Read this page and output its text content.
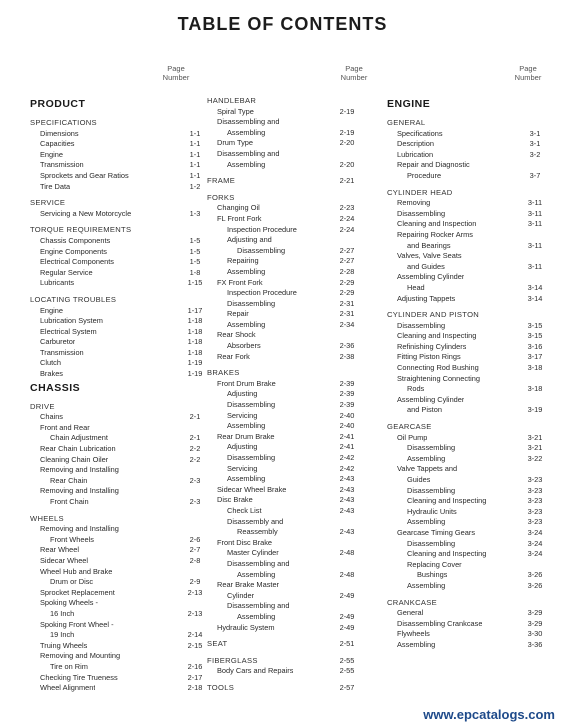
TABLE OF CONTENTS
Page
Number
Page
Number
Page
Number
PRODUCT
SPECIFICATIONS
Dimensions	1-1
Capacities	1-1
Engine	1-1
Transmission	1-1
Sprockets and Gear Ratios	1-1
Tire Data	1-2
SERVICE
Servicing a New Motorcycle	1-3
TORQUE REQUIREMENTS
Chassis Components	1-5
Engine Components	1-5
Electrical Components	1-5
Regular Service	1-8
Lubricants	1-15
LOCATING TROUBLES
Engine	1-17
Lubrication System	1-18
Electrical System	1-18
Carburetor	1-18
Transmission	1-18
Clutch	1-19
Brakes	1-19
CHASSIS
DRIVE
Chains	2-1
Front and Rear
Chain Adjustment	2-1
Rear Chain Lubrication	2-2
Cleaning Chain Oiler	2-2
Removing and Installing
Rear Chain	2-3
Removing and Installing
Front Chain	2-3
WHEELS
Removing and Installing
Front Wheels	2-6
Rear Wheel	2-7
Sidecar Wheel	2-8
Wheel Hub and Brake
Drum or Disc	2-9
Sprocket Replacement	2-13
Spoking Wheels -
16 Inch	2-13
Spoking Front Wheel -
19 Inch	2-14
Truing Wheels	2-15
Removing and Mounting
Tire on Rim	2-16
Checking Tire Trueness	2-17
Wheel Alignment	2-18
HANDLEBAR
Spiral Type	2-19
Disassembling and
Assembling	2-19
Drum Type	2-20
Disassembling and
Assembling	2-20
FRAME	2-21
FORKS
Changing Oil	2-23
FL Front Fork	2-24
Inspection Procedure	2-24
Adjusting and
Disassembling	2-27
Repairing	2-27
Assembling	2-28
FX Front Fork	2-29
Inspection Procedure	2-29
Disassembling	2-31
Repair	2-31
Assembling	2-34
Rear Shock
Absorbers	2-36
Rear Fork	2-38
BRAKES
Front Drum Brake	2-39
Adjusting	2-39
Disassembling	2-39
Servicing	2-40
Assembling	2-40
Rear Drum Brake	2-41
Adjusting	2-41
Disassembling	2-42
Servicing	2-42
Assembling	2-43
Sidecar Wheel Brake	2-43
Disc Brake	2-43
Check List	2-43
Disassembly and
Reassembly	2-43
Front Disc Brake
Master Cylinder	2-48
Disassembling and
Assembling	2-48
Rear Brake Master
Cylinder	2-49
Disassembling and
Assembling	2-49
Hydraulic System	2-49
SEAT	2-51
FIBERGLASS	2-55
Body Cars and Repairs	2-55
TOOLS	2-57
ENGINE
GENERAL
Specifications	3-1
Description	3-1
Lubrication	3-2
Repair and Diagnostic
Procedure	3-7
CYLINDER HEAD
Removing	3-11
Disassembling	3-11
Cleaning and Inspection	3-11
Repairing Rocker Arms
and Bearings	3-11
Valves, Valve Seats
and Guides	3-11
Assembling Cylinder
Head	3-14
Adjusting Tappets	3-14
CYLINDER AND PISTON
Disassembling	3-15
Cleaning and Inspecting	3-15
Refinishing Cylinders	3-16
Fitting Piston Rings	3-17
Connecting Rod Bushing	3-18
Straightening Connecting
Rods	3-18
Assembling Cylinder
and Piston	3-19
GEARCASE
Oil Pump	3-21
Disassembling	3-21
Assembling	3-22
Valve Tappets and
Guides	3-23
Disassembling	3-23
Cleaning and Inspecting	3-23
Hydraulic Units	3-23
Assembling	3-23
Gearcase Timing Gears	3-24
Disassembling	3-24
Cleaning and Inspecting	3-24
Replacing Cover
Bushings	3-26
Assembling	3-26
CRANKCASE
General	3-29
Disassembling Crankcase	3-29
Flywheels	3-30
Assembling	3-36
www.epcatalogs.com
